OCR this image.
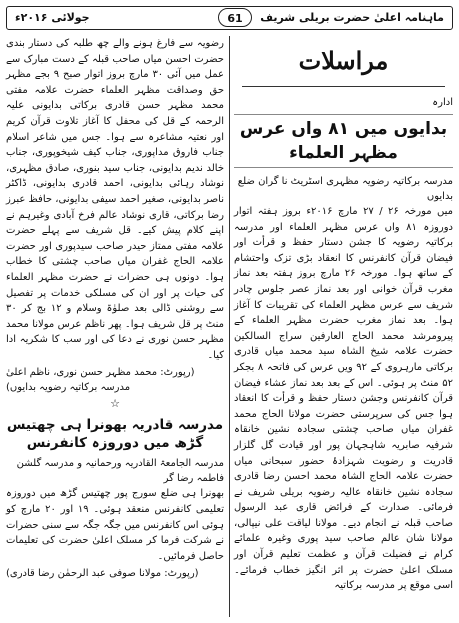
جولائی ۲۰۱۶ء	61	ماہنامہ اعلیٰ حضرت بریلی شریف

رضویہ سے فارغ ہونے والے چھ طلبہ کی دستار بندی حضرت احسن میاں صاحب قبلہ کے دست مبارک سے عمل میں آئی ۳۰ مارچ بروز اتوار صبح ۹ بجے مظہر حق وصداقت مظہر العلماء حضرت علامہ مفتی محمد مظہر حسن قادری برکاتی بدایونی علیہ الرحمہ کے قل کی محفل کا آغاز تلاوت قرآن کریم اور نعتیہ مشاعرہ سے ہوا۔ جس میں شاعر اسلام جناب فاروق مداپوری، جناب کیف شیخوپوری، جناب خالد ندیم بدایونی، جناب سید بنوری، صادق مظہری، نوشاد رہائی بدایونی، احمد قادری بدایونی، ڈاکٹر ناصر بدایونی، صغیر احمد سیفی بدایونی، حافظ عبرز رضا برکاتی، قاری نوشاد عالم فرخ آبادی وغیرہم نے اپنے کلام پیش کیے۔ قل شریف سے پہلے حضرت علامہ مفتی ممتاز حیدر صاحب سیدپوری اور حضرت علامہ الحاج غفران میاں صاحب چشتی کا خطاب ہوا۔ دونوں ہی حضرات نے حضرت مظہر العلماء کی حیات پر اور ان کی مسلکی خدمات پر تفصیل سے روشنی ڈالی بعد صلوٰۃ وسلام و ۱۲ بج کر ۳۰ منٹ پر قل شریف ہوا۔ پھر ناظم عرس مولانا محمد مظہر حسن نوری نے دعا کی اور سب کا شکریہ ادا کیا۔

(رپورٹ: محمد مظہر حسن نوری، ناظم اعلیٰ مدرسہ برکاتیہ رضویہ بدایوں)

☆
مدرسہ قادریہ بھونرا ہی چھتیس گڑھ میں دوروزہ کانفرنس

مدرسہ الجامعۃ القادریہ ورحمانیہ و مدرسہ گلشن فاطمہ رضا گر

بھونرا ہی ضلع سورج پور چھتیس گڑھ میں دوروزہ تعلیمی کانفرنس منعقد ہوئی۔ ۱۹ اور ۲۰ مارچ کو ہوئی اس کانفرنس میں جگہ جگہ سے سنی حضرات نے شرکت فرما کر مسلک اعلیٰ حضرت کی تعلیمات حاصل فرمائیں۔

(رپورٹ: مولانا صوفی عبد الرحمٰن رضا قادری)

مراسلات
ادارہ
بدایوں میں ۸۱ واں عرس مظہر العلماء

مدرسہ برکاتیہ رضویہ مظہری اسٹریٹ نا گران ضلع بدایوں

میں مورخہ ۲۶ / ۲۷ مارچ ۲۰۱۶ء بروز ہفتہ اتوار دوروزہ ۸۱ واں عرس مظہر العلماء اور مدرسہ برکاتیہ رضویہ کا جشن دستار حفظ و قرأت اور فیضان قرآن کانفرنس کا انعقاد بڑی تزک واحتشام کے ساتھ ہوا۔ مورخہ ۲۶ مارچ بروز ہفتہ بعد نماز مغرب قرآن خوانی اور بعد نماز عصر جلوس چادر شریف سے عرس مظہر العلماء کی تقریبات کا آغاز ہوا۔ بعد نماز مغرب حضرت مظہر العلماء کے پیرومرشد محمد الحاج العارفین سراج السالکین حضرت علامہ شیخ الشاہ سید محمد میاں قادری برکاتی مارہروی کے ۹۲ ویں عرس کی فاتحہ ۸ بجکر ۵۲ منٹ پر ہوئی۔ اس کے بعد بعد نماز عشاء فیضان قرآن کانفرنس وجشن دستار حفظ و قرأت کا انعقاد ہوا جس کی سرپرستی حضرت مولانا الحاج محمد غفران میاں صاحب چشتی سجادہ نشین خانقاہ شرفیہ صابریہ شاہجہان پور اور قیادت گل گلزار قادریت و رضویت شہزادۂ حضور سبحانی میاں حضرت علامہ الحاج الشاہ محمد احسن رضا قادری سجادہ نشین خانقاہ عالیہ رضویہ بریلی شریف نے فرمائی۔ صدارت کے فرائض قاری عبد الرسول صاحب قبلہ نے انجام دیے۔ مولانا لیاقت علی نیپالی، مولانا شان عالم صاحب سید پوری وغیرہ علمائے کرام نے فضیلت قرآن و عظمت تعلیم قرآن اور مسلک اعلیٰ حضرت پر اثر انگیز خطاب فرمائے۔ اسی موقع پر مدرسہ برکاتیہ
